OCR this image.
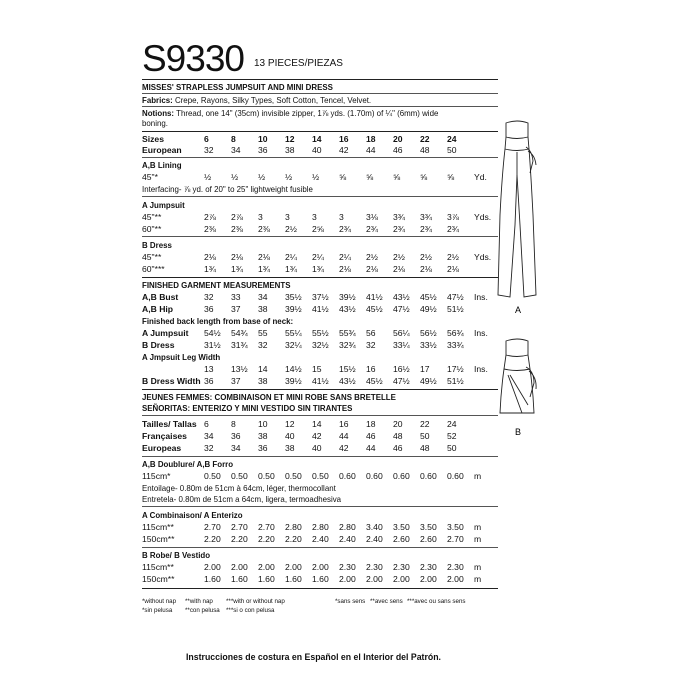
S9330 13 PIECES/PIEZAS
MISSES' STRAPLESS JUMPSUIT AND MINI DRESS
Fabrics: Crepe, Rayons, Silky Types, Soft Cotton, Tencel, Velvet.
Notions: Thread, one 14" (35cm) invisible zipper, 1⅞ yds. (1.70m) of ¼" (6mm) wide
boning.
Sizes	6	8	10 12 14 16 18 20 22 24
European	32 34 36 38 40 42 44 46 48 50
A,B Lining
45"*	½ ½ ½ ½ ½ ⅝ ⅝ ⅝ ⅝ ⅝ Yd.
Interfacing- ⅞ yd. of 20" to 25" lightweight fusible
A Jumpsuit
45"**	2⅞ 2⅞ 3	3	3	3	3⅛ 3¾ 3¾ 3⅞ Yds.
60"**	2⅜ 2⅜ 2⅜ 2½ 2⅝ 2¾ 2¾ 2¾ 2¾ 2¾
B Dress
45"**	2⅛ 2⅛ 2⅛ 2¼ 2¼ 2¼ 2½ 2½ 2½ 2½ Yds.
60"***	1¾ 1¾ 1¾ 1¾ 1¾ 2⅛ 2⅛ 2⅛ 2⅛ 2⅛
FINISHED GARMENT MEASUREMENTS
A,B Bust	32 33 34 35½ 37½ 39½ 41½ 43½ 45½ 47½ Ins.
A,B Hip	36 37 38 39½ 41½ 43½ 45½ 47½ 49½ 51½
Finished back length from base of neck:
A Jumpsuit 54½ 54¾ 55 55¼ 55½ 55¾ 56 56¼ 56½ 56¾ Ins.
B Dress	31½ 31¾ 32 32¼ 32½ 32¾ 32 33¼ 33½ 33¾
A Jmpsuit Leg Width
13 13½ 14 14½ 15 15½ 16 16½ 17 17½ Ins.
B Dress Width 36 37 38 39½ 41½ 43½ 45½ 47½ 49½ 51½
JEUNES FEMMES: COMBINAISON ET MINI ROBE SANS BRETELLE
SEÑORITAS: ENTERIZO Y MINI VESTIDO SIN TIRANTES
Tailles/ Tallas 6	8	10 12 14 16 18 20 22 24
Françaises 34 36 38 40 42 44 46 48 50 52
Europeas	32 34 36 38 40 42 44 46 48 50
A,B Doublure/ A,B Forro
115cm*	0.50 0.50 0.50 0.50 0.50 0.60 0.60 0.60 0.60 0.60 m
Entoilage- 0.80m de 51cm à 64cm, léger, thermocollant
Entretela- 0.80m de 51cm a 64cm, ligera, termoadhesiva
A Combinaison/ A Enterizo
115cm**	2.70 2.70 2.70 2.80 2.80 2.80 3.40 3.50 3.50 3.50 m
150cm**	2.20 2.20 2.20 2.20 2.40 2.40 2.40 2.60 2.60 2.70 m
B Robe/ B Vestido
115cm**	2.00 2.00 2.00 2.00 2.00 2.30 2.30 2.30 2.30 2.30 m
150cm**	1.60 1.60 1.60 1.60 1.60 2.00 2.00 2.00 2.00 2.00 m
*without nap **with nap ***with or without nap
*sin pelusa **con pelusa ***si o con pelusa
*sans sens **avec sens ***avec ou sans sens
A
B
Instrucciones de costura en Español en el Interior del Patrón.
